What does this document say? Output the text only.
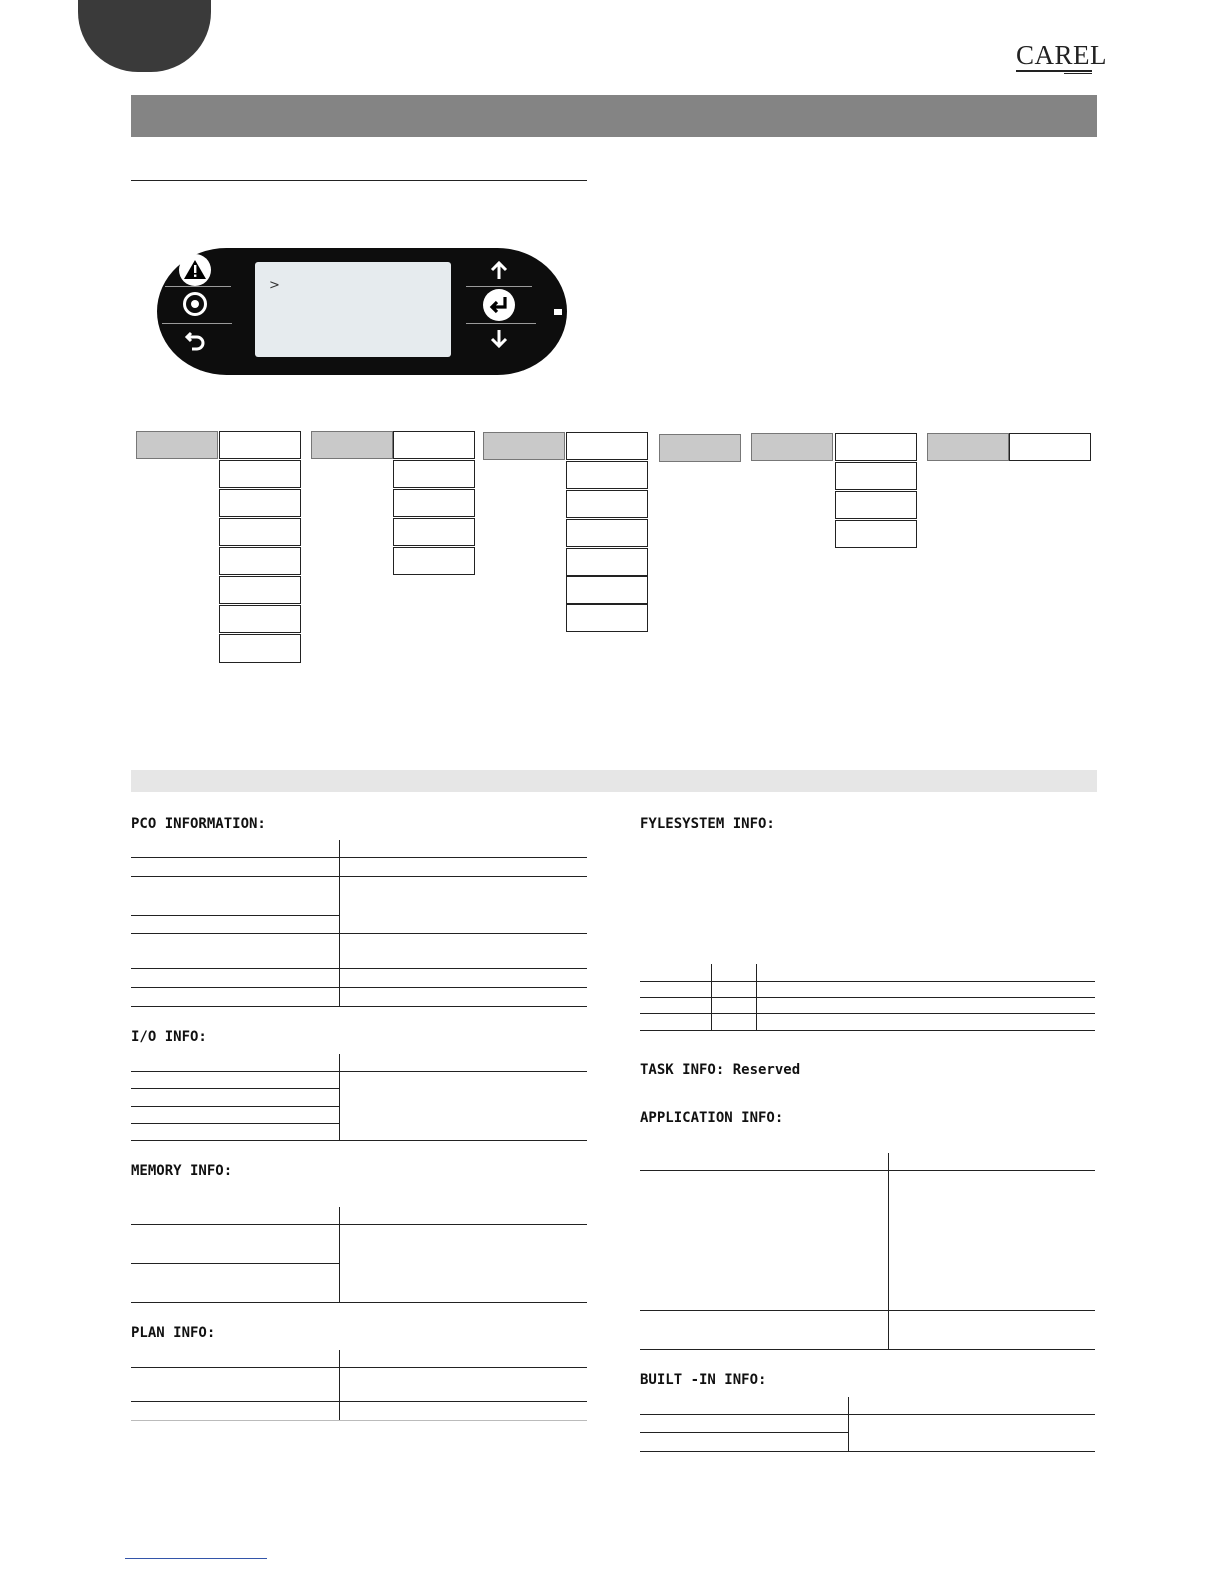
CAREL
>
PCO INFORMATION:
I/O INFO:
MEMORY INFO:
PLAN INFO:
FYLESYSTEM INFO:
TASK INFO: Reserved
APPLICATION INFO:
BUILT -IN INFO:
